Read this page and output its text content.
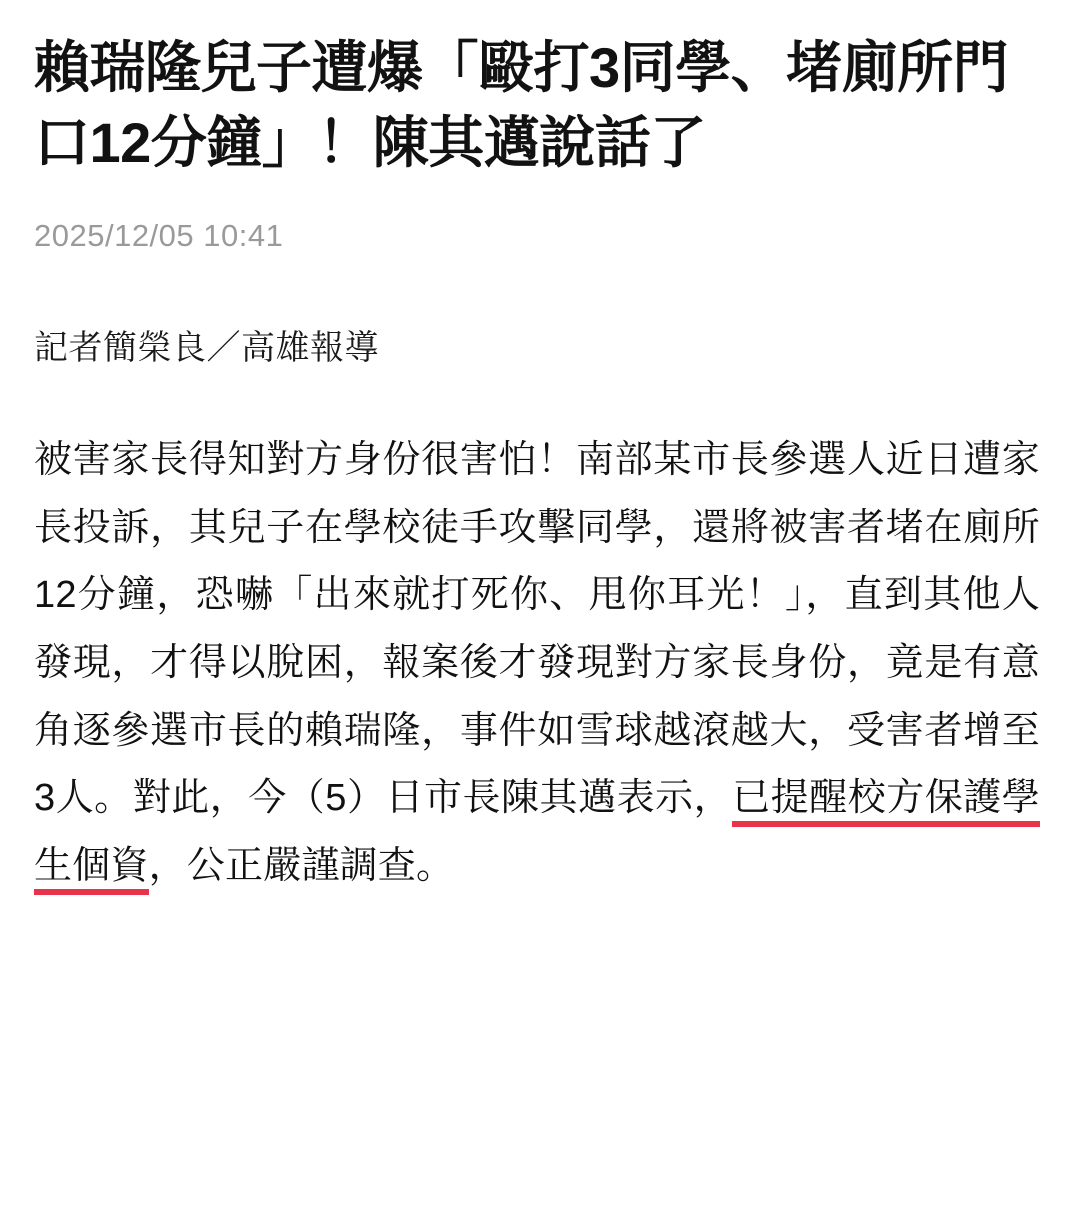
賴瑞隆兒子遭爆「毆打3同學、堵廁所門口12分鐘」！陳其邁說話了
2025/12/05 10:41
記者簡榮良／高雄報導
被害家長得知對方身份很害怕！南部某市長參選人近日遭家長投訴，其兒子在學校徒手攻擊同學，還將被害者堵在廁所12分鐘，恐嚇「出來就打死你、甩你耳光！」，直到其他人發現，才得以脫困，報案後才發現對方家長身份，竟是有意角逐參選市長的賴瑞隆，事件如雪球越滾越大，受害者增至3人。對此，今（5）日市長陳其邁表示，已提醒校方保護學生個資，公正嚴謹調查。
